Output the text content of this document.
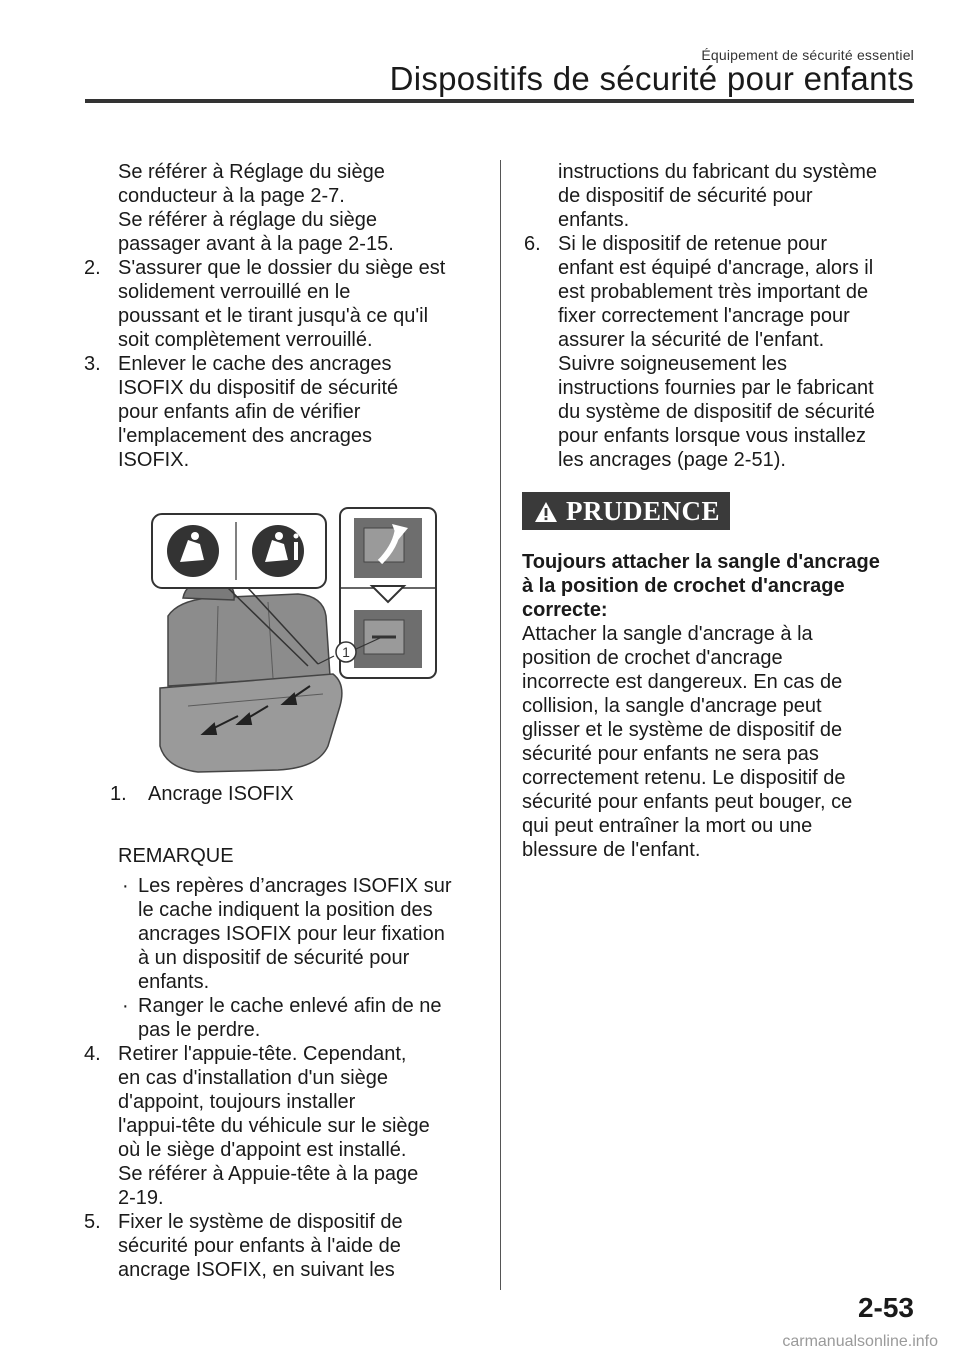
Équipement de sécurité essentiel
Dispositifs de sécurité pour enfants
Se référer à Réglage du siège
conducteur à la page 2-7.
Se référer à réglage du siège
passager avant à la page 2-15.
2. S'assurer que le dossier du siège est
solidement verrouillé en le
poussant et le tirant jusqu'à ce qu'il
soit complètement verrouillé.
3. Enlever le cache des ancrages
ISOFIX du dispositif de sécurité
pour enfants afin de vérifier
l'emplacement des ancrages
ISOFIX.
1
1. Ancrage ISOFIX
REMARQUE
· Les repères d’ancrages ISOFIX sur
le cache indiquent la position des
ancrages ISOFIX pour leur fixation
à un dispositif de sécurité pour
enfants.
· Ranger le cache enlevé afin de ne
pas le perdre.
4. Retirer l'appuie-tête. Cependant,
en cas d'installation d'un siège
d'appoint, toujours installer
l'appui-tête du véhicule sur le siège
où le siège d'appoint est installé.
Se référer à Appuie-tête à la page
2-19.
5. Fixer le système de dispositif de
sécurité pour enfants à l'aide de
ancrage ISOFIX, en suivant les
instructions du fabricant du système
de dispositif de sécurité pour
enfants.
6. Si le dispositif de retenue pour
enfant est équipé d'ancrage, alors il
est probablement très important de
fixer correctement l'ancrage pour
assurer la sécurité de l'enfant.
Suivre soigneusement les
instructions fournies par le fabricant
du système de dispositif de sécurité
pour enfants lorsque vous installez
les ancrages (page 2-51).
PRUDENCE
Toujours attacher la sangle d'ancrage
à la position de crochet d'ancrage
correcte:
Attacher la sangle d'ancrage à la
position de crochet d'ancrage
incorrecte est dangereux. En cas de
collision, la sangle d'ancrage peut
glisser et le système de dispositif de
sécurité pour enfants ne sera pas
correctement retenu. Le dispositif de
sécurité pour enfants peut bouger, ce
qui peut entraîner la mort ou une
blessure de l'enfant.
2-53
carmanualsonline.info
